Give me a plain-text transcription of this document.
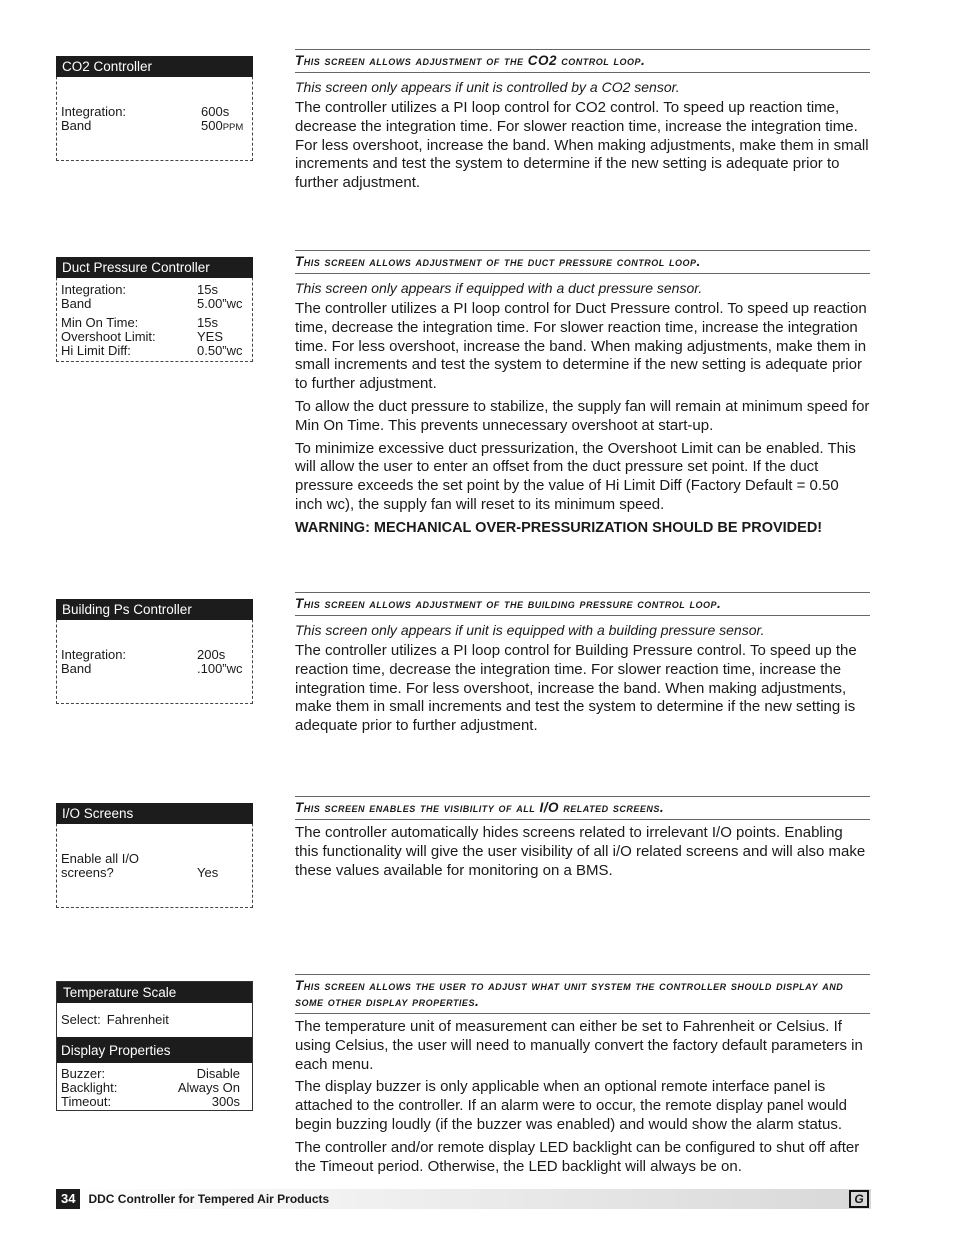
CO2 Controller
Integration:	600s
Band	500PPM
This screen allows adjustment of the CO2 control loop.
This screen only appears if unit is controlled by a CO2 sensor.
The controller utilizes a PI loop control for CO2 control. To speed up reaction time, decrease the integration time. For slower reaction time, increase the integration time. For less overshoot, increase the band. When making adjustments, make them in small increments and test the system to determine if the new setting is adequate prior to further adjustment.
Duct Pressure Controller
Integration:	15s
Band	5.00”wc
Min On Time:	15s
Overshoot Limit:	YES
Hi Limit Diff:	0.50”wc
This screen allows adjustment of the duct pressure control loop.
This screen only appears if equipped with a duct pressure sensor.
The controller utilizes a PI loop control for Duct Pressure control. To speed up reaction time, decrease the integration time. For slower reaction time, increase the integration time. For less overshoot, increase the band. When making adjustments, make them in small increments and test the system to determine if the new setting is adequate prior to further adjustment.
To allow the duct pressure to stabilize, the supply fan will remain at minimum speed for Min On Time. This prevents unnecessary overshoot at start-up.
To minimize excessive duct pressurization, the Overshoot Limit can be enabled. This will allow the user to enter an offset from the duct pressure set point. If the duct pressure exceeds the set point by the value of Hi Limit Diff (Factory Default = 0.50 inch wc), the supply fan will reset to its minimum speed.
WARNING: MECHANICAL OVER-PRESSURIZATION SHOULD BE PROVIDED!
Building Ps Controller
Integration:	200s
Band	.100”wc
This screen allows adjustment of the building pressure control loop.
This screen only appears if unit is equipped with a building pressure sensor.
The controller utilizes a PI loop control for Building Pressure control. To speed up the reaction time, decrease the integration time. For slower reaction time, increase the integration time. For less overshoot, increase the band. When making adjustments, make them in small increments and test the system to determine if the new setting is adequate prior to further adjustment.
I/O Screens
Enable all I/O
screens?	Yes
This screen enables the visibility of all I/O related screens.
The controller automatically hides screens related to irrelevant I/O points. Enabling this functionality will give the user visibility of all i/O related screens and will also make these values available for monitoring on a BMS.
Temperature Scale
Select: Fahrenheit
Display Properties
Buzzer:	Disable
Backlight:	Always On
Timeout:	300s
This screen allows the user to adjust what unit system the controller should display and some other display properties.
The temperature unit of measurement can either be set to Fahrenheit or Celsius. If using Celsius, the user will need to manually convert the factory default parameters in each menu.
The display buzzer is only applicable when an optional remote interface panel is attached to the controller. If an alarm were to occur, the remote display panel would begin buzzing loudly (if the buzzer was enabled) and would show the alarm status.
The controller and/or remote display LED backlight can be configured to shut off after the Timeout period. Otherwise, the LED backlight will always be on.
34	DDC Controller for Tempered Air Products	G
